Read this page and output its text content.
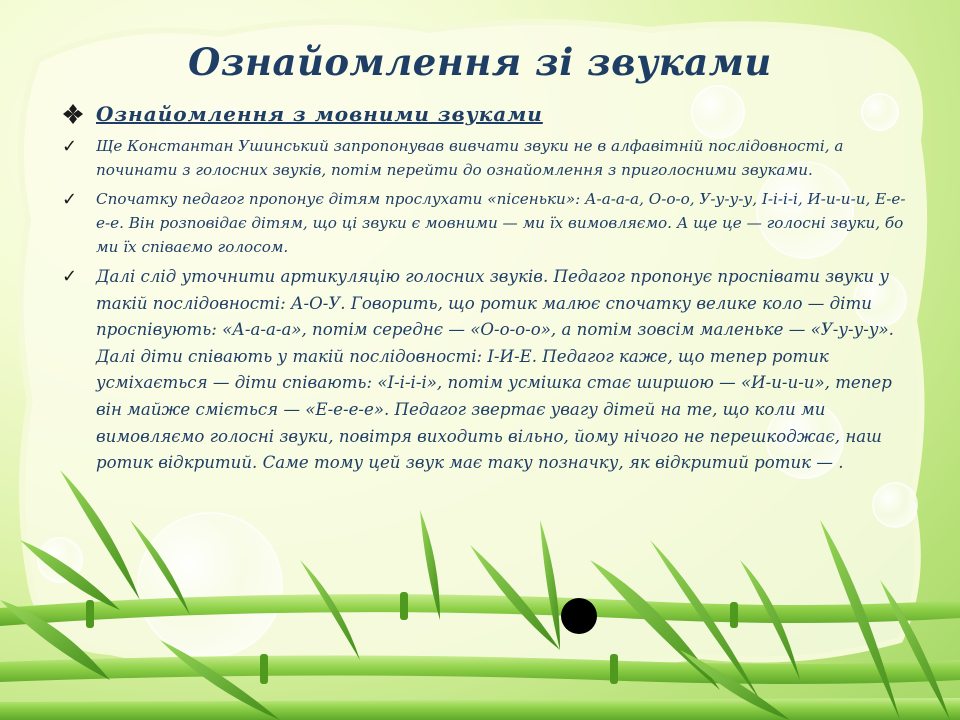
Ознайомлення зі звуками
Ознайомлення з мовними звуками
✓ Ще Константан Ушинський запропонував вивчати звуки не в алфавітній послідовності, а починати з голосних звуків, потім перейти до ознайомлення з приголосними звуками.
✓ Спочатку педагог пропонує дітям прослухати «пісеньки»: А-а-а-а, О-о-о, У-у-у-у, І-і-і-і, И-и-и-и, Е-е-е-е. Він розповідає дітям, що ці звуки є мовними — ми їх вимовляємо. А ще це — голосні звуки, бо ми їх співаємо голосом.
✓ Далі слід уточнити артикуляцію голосних звуків. Педагог пропонує проспівати звуки у такій послідовності: А-О-У. Говорить, що ротик малює спочатку велике коло — діти проспівують: «А-а-а-а», потім середнє — «О-о-о-о», а потім зовсім маленьке — «У-у-у-у». Далі діти співають у такій послідовності: І-И-Е. Педагог каже, що тепер ротик усміхається — діти співають: «І-і-і-і», потім усмішка стає ширшою — «И-и-и-и», тепер він майже сміється — «Е-е-е-е». Педагог звертає увагу дітей на те, що коли ми вимовляємо голосні звуки, повітря виходить вільно, йому нічого не перешкоджає, наш ротик відкритий. Саме тому цей звук має таку позначку, як відкритий ротик — .
